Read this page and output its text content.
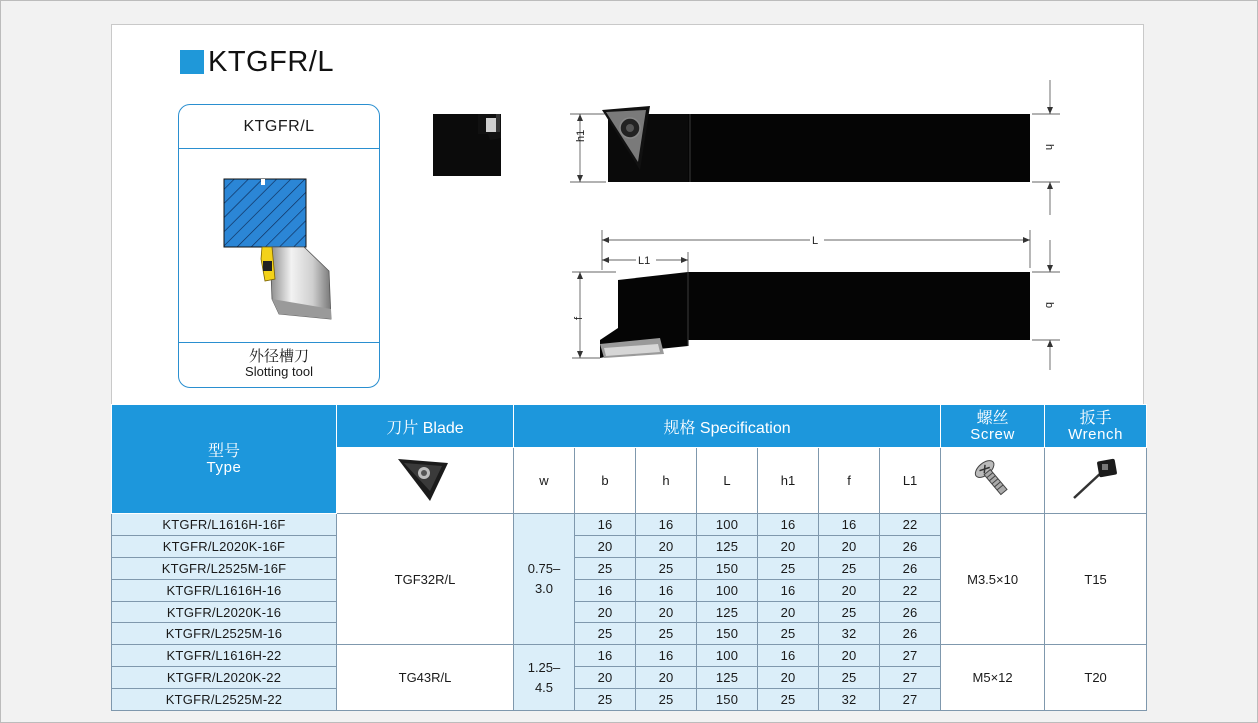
KTGFR/L
KTGFR/L
外径槽刀
Slotting tool
h1
h
L
L1
f
b
型号
Type	刀片 Blade	规格 Specification							螺丝
Screw	扳手
Wrench

	w	b	h	L	h1	f	L1		
KTGFR/L1616H-16F	TGF32R/L	0.75–
3.0	16	16	100	16	16	22	M3.5×10	T15
KTGFR/L2020K-16F			20	20	125	20	20	26		
KTGFR/L2525M-16F			25	25	150	25	25	26		
KTGFR/L1616H-16			16	16	100	16	20	22		
KTGFR/L2020K-16			20	20	125	20	25	26		
KTGFR/L2525M-16			25	25	150	25	32	26		
KTGFR/L1616H-22	TG43R/L	1.25–
4.5	16	16	100	16	20	27	M5×12	T20
KTGFR/L2020K-22			20	20	125	20	25	27		
KTGFR/L2525M-22			25	25	150	25	32	27		
